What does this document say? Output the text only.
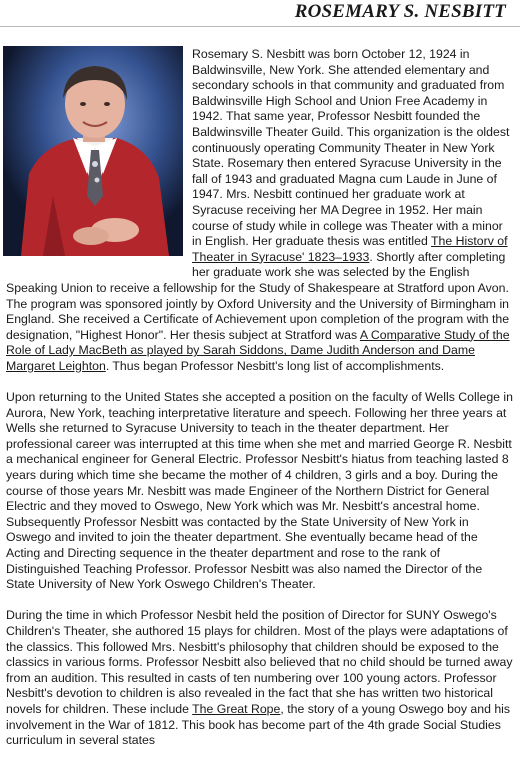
ROSEMARY S. NESBITT

Rosemary S. Nesbitt was born October 12, 1924 in Baldwinsville, New York. She attended elementary and secondary schools in that community and graduated from Baldwinsville High School and Union Free Academy in 1942. That same year, Professor Nesbitt founded the Baldwinsville Theater Guild. This organization is the oldest continuously operating Community Theater in New York State. Rosemary then entered Syracuse University in the fall of 1943 and graduated Magna cum Laude in June of 1947. Mrs. Nesbitt continued her graduate work at Syracuse receiving her MA Degree in 1952. Her main course of study while in college was Theater with a minor in English. Her graduate thesis was entitled The Historv of Theater in Syracuse' 1823–1933. Shortly after completing her graduate work she was selected by the English Speaking Union to receive a fellowship for the Study of Shakespeare at Stratford upon Avon. The program was sponsored jointly by Oxford University and the University of Birmingham in England. She received a Certificate of Achievement upon completion of the program with the designation, "Highest Honor". Her thesis subject at Stratford was A Comparative Study of the Role of Lady MacBeth as played by Sarah Siddons, Dame Judith Anderson and Dame Margaret Leighton. Thus began Professor Nesbitt's long list of accomplishments.

Upon returning to the United States she accepted a position on the faculty of Wells College in Aurora, New York, teaching interpretative literature and speech. Following her three years at Wells she returned to Syracuse University to teach in the theater department. Her professional career was interrupted at this time when she met and married George R. Nesbitt a mechanical engineer for General Electric. Professor Nesbitt's hiatus from teaching lasted 8 years during which time she became the mother of 4 children, 3 girls and a boy. During the course of those years Mr. Nesbitt was made Engineer of the Northern District for General Electric and they moved to Oswego, New York which was Mr. Nesbitt's ancestral home. Subsequently Professor Nesbitt was contacted by the State University of New York in Oswego and invited to join the theater department. She eventually became head of the Acting and Directing sequence in the theater department and rose to the rank of Distinguished Teaching Professor. Professor Nesbitt was also named the Director of the State University of New York Oswego Children's Theater.

During the time in which Professor Nesbit held the position of Director for SUNY Oswego's Children's Theater, she authored 15 plays for children. Most of the plays were adaptations of the classics. This followed Mrs. Nesbitt's philosophy that children should be exposed to the classics in various forms. Professor Nesbitt also believed that no child should be turned away from an audition. This resulted in casts of ten numbering over 100 young actors. Professor Nesbitt's devotion to children is also revealed in the fact that she has written two historical novels for children. These include The Great Rope, the story of a young Oswego boy and his involvement in the War of 1812. This book has become part of the 4th grade Social Studies curriculum in several states
